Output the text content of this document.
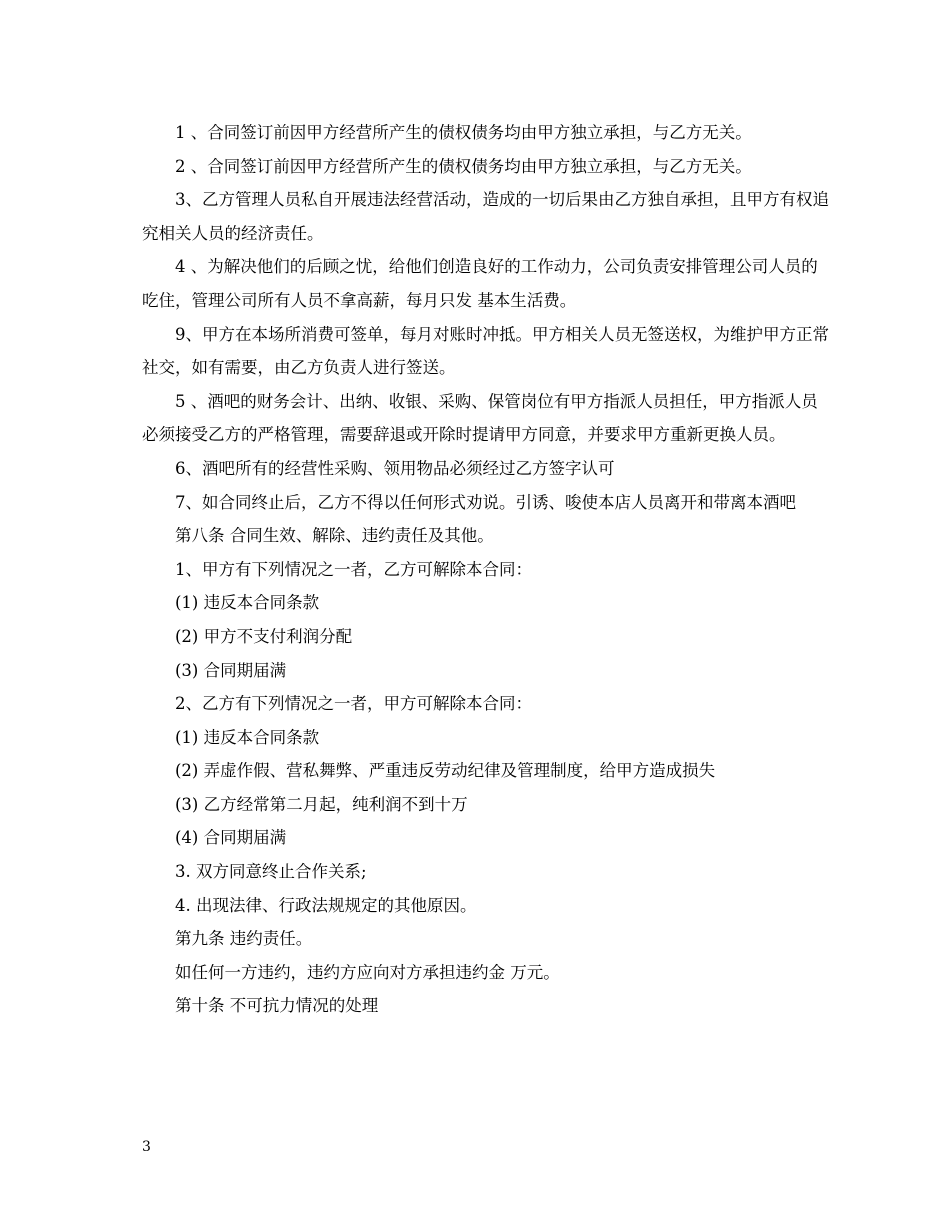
1 、合同签订前因甲方经营所产生的债权债务均由甲方独立承担，与乙方无关。

2 、合同签订前因甲方经营所产生的债权债务均由甲方独立承担，与乙方无关。

3、乙方管理人员私自开展违法经营活动，造成的一切后果由乙方独自承担，且甲方有权追究相关人员的经济责任。

4 、为解决他们的后顾之忧，给他们创造良好的工作动力，公司负责安排管理公司人员的吃住，管理公司所有人员不拿高薪，每月只发 基本生活费。

9、甲方在本场所消费可签单，每月对账时冲抵。甲方相关人员无签送权，为维护甲方正常社交，如有需要，由乙方负责人进行签送。

5 、酒吧的财务会计、出纳、收银、采购、保管岗位有甲方指派人员担任，甲方指派人员必须接受乙方的严格管理，需要辞退或开除时提请甲方同意，并要求甲方重新更换人员。

6、酒吧所有的经营性采购、领用物品必须经过乙方签字认可

7、如合同终止后，乙方不得以任何形式劝说。引诱、唆使本店人员离开和带离本酒吧

第八条 合同生效、解除、违约责任及其他。

1、甲方有下列情况之一者，乙方可解除本合同：

(1) 违反本合同条款

(2) 甲方不支付利润分配

(3) 合同期届满

2、乙方有下列情况之一者，甲方可解除本合同：

(1) 违反本合同条款

(2) 弄虚作假、营私舞弊、严重违反劳动纪律及管理制度，给甲方造成损失

(3) 乙方经常第二月起，纯利润不到十万

(4) 合同期届满

3. 双方同意终止合作关系;

4. 出现法律、行政法规规定的其他原因。

第九条 违约责任。

如任何一方违约，违约方应向对方承担违约金 万元。

第十条 不可抗力情况的处理

3
